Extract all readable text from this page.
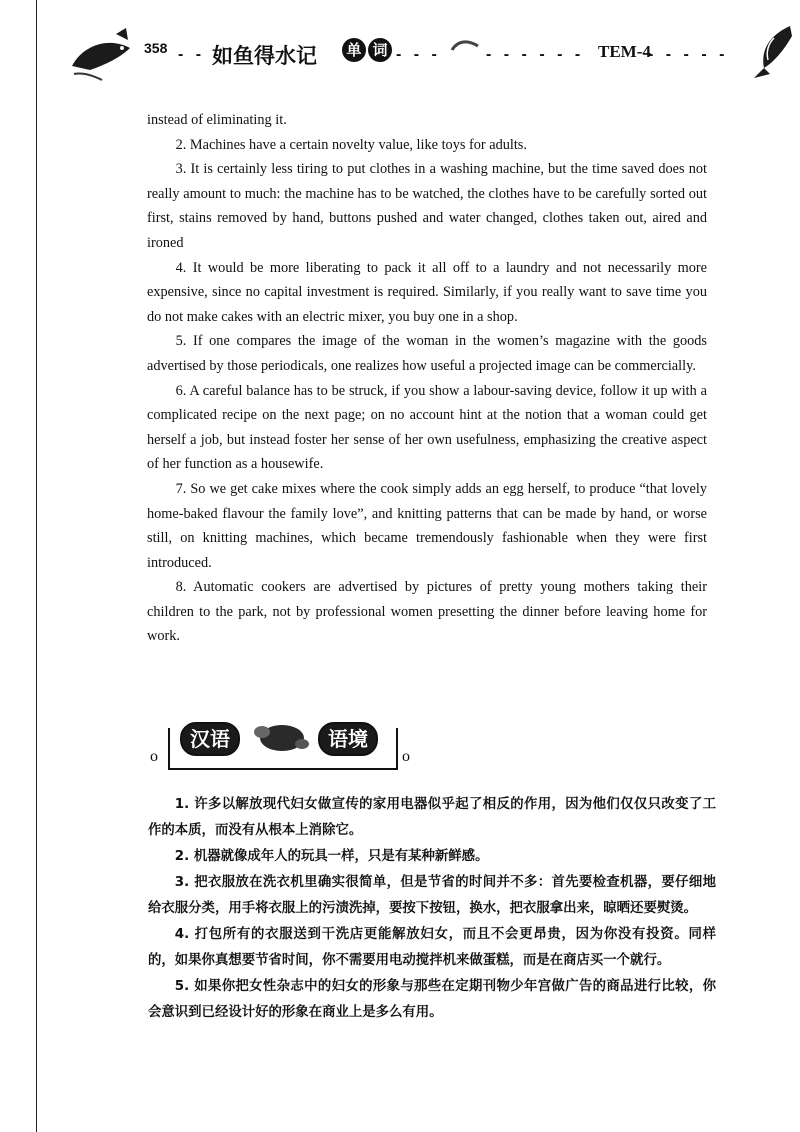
358 - - -
如鱼得水记 单 词 - - -	- - - - - - TEM-4
- - - - -

instead of eliminating it.

2. Machines have a certain novelty value, like toys for adults.

3. It is certainly less tiring to put clothes in a washing machine, but the time saved does not really amount to much: the machine has to be watched, the clothes have to be carefully sorted out first, stains removed by hand, buttons pushed and water changed, clothes taken out, aired and ironed

4. It would be more liberating to pack it all off to a laundry and not necessarily more expensive, since no capital investment is required. Similarly, if you really want to save time you do not make cakes with an electric mixer, you buy one in a shop.

5. If one compares the image of the woman in the women’s magazine with the goods advertised by those periodicals, one realizes how useful a projected image can be commercially.

6. A careful balance has to be struck, if you show a labour-saving device, follow it up with a complicated recipe on the next page; on no account hint at the notion that a woman could get herself a job, but instead foster her sense of her own usefulness, emphasizing the creative aspect of her function as a housewife.

7. So we get cake mixes where the cook simply adds an egg herself, to produce “that lovely home-baked flavour the family love”, and knitting patterns that can be made by hand, or worse still, on knitting machines, which became tremendously fashionable when they were first introduced.

8. Automatic cookers are advertised by pictures of pretty young mothers taking their children to the park, not by professional women presetting the dinner before leaving home for work.

o
汉语	语境
o

1. 许多以解放现代妇女做宣传的家用电器似乎起了相反的作用，因为他们仅仅只改变了工作的本质，而没有从根本上消除它。

2. 机器就像成年人的玩具一样，只是有某种新鲜感。

3. 把衣服放在洗衣机里确实很简单，但是节省的时间并不多：首先要检查机器，要仔细地给衣服分类，用手将衣服上的污渍洗掉，要按下按钮，换水，把衣服拿出来，晾晒还要熨烫。

4. 打包所有的衣服送到干洗店更能解放妇女，而且不会更昂贵，因为你没有投资。同样的，如果你真想要节省时间，你不需要用电动搅拌机来做蛋糕，而是在商店买一个就行。

5. 如果你把女性杂志中的妇女的形象与那些在定期刊物少年宫做广告的商品进行比较，你会意识到已经设计好的形象在商业上是多么有用。
